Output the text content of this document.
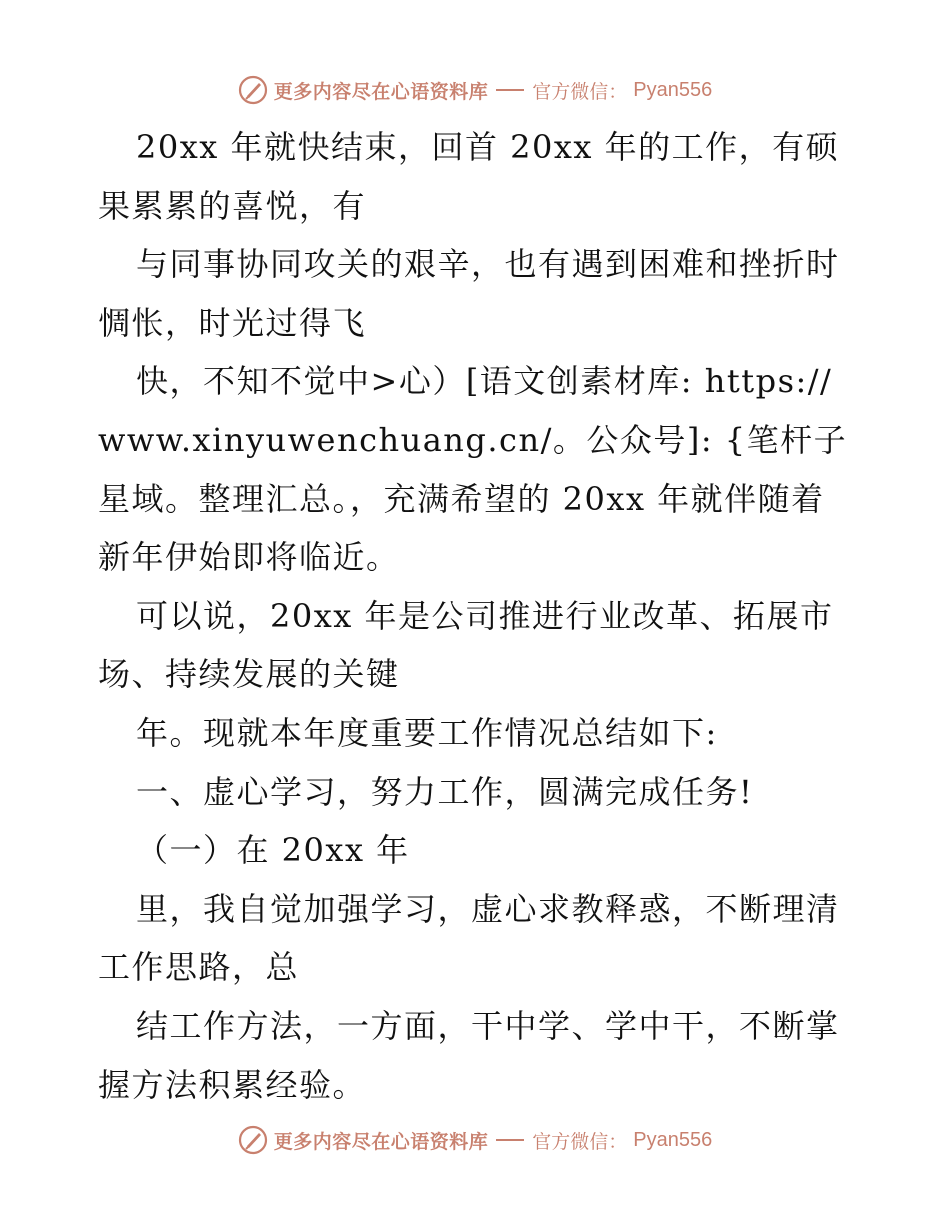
更多内容尽在心语资料库 官方微信： Pyan556

20xx 年就快结束，回首 20xx 年的工作，有硕果累累的喜悦，有

与同事协同攻关的艰辛，也有遇到困难和挫折时惆怅，时光过得飞

快，不知不觉中>心）[语文创素材库: https://www.xinyuwenchuang.cn/。公众号]: {笔杆子星域。整理汇总。，充满希望的 20xx 年就伴随着新年伊始即将临近。

可以说，20xx 年是公司推进行业改革、拓展市场、持续发展的关键

年。现就本年度重要工作情况总结如下:

一、虚心学习，努力工作，圆满完成任务!

（一）在 20xx 年

里，我自觉加强学习，虚心求教释惑，不断理清工作思路，总

结工作方法，一方面，干中学、学中干，不断掌握方法积累经验。

更多内容尽在心语资料库 官方微信： Pyan556
